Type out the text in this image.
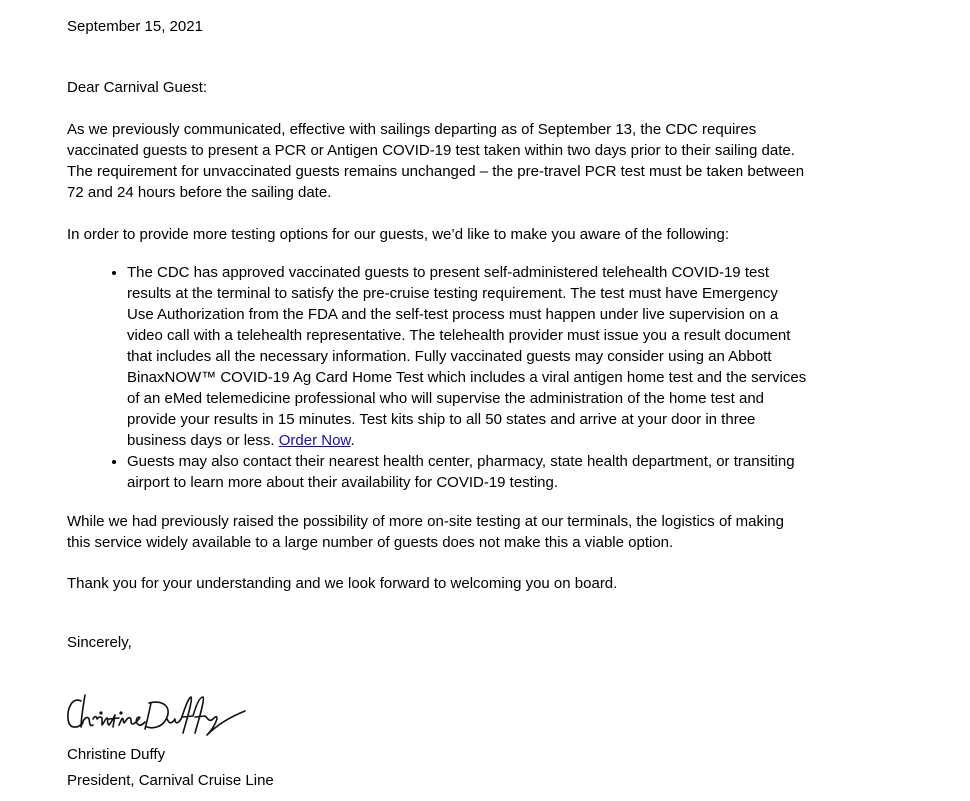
September 15, 2021

Dear Carnival Guest:

As we previously communicated, effective with sailings departing as of September 13, the CDC requires vaccinated guests to present a PCR or Antigen COVID-19 test taken within two days prior to their sailing date. The requirement for unvaccinated guests remains unchanged – the pre-travel PCR test must be taken between 72 and 24 hours before the sailing date.

In order to provide more testing options for our guests, we’d like to make you aware of the following:

• The CDC has approved vaccinated guests to present self-administered telehealth COVID-19 test results at the terminal to satisfy the pre-cruise testing requirement. The test must have Emergency Use Authorization from the FDA and the self-test process must happen under live supervision on a video call with a telehealth representative. The telehealth provider must issue you a result document that includes all the necessary information. Fully vaccinated guests may consider using an Abbott BinaxNOW™ COVID-19 Ag Card Home Test which includes a viral antigen home test and the services of an eMed telemedicine professional who will supervise the administration of the home test and provide your results in 15 minutes. Test kits ship to all 50 states and arrive at your door in three business days or less. Order Now.
• Guests may also contact their nearest health center, pharmacy, state health department, or transiting airport to learn more about their availability for COVID-19 testing.

While we had previously raised the possibility of more on-site testing at our terminals, the logistics of making this service widely available to a large number of guests does not make this a viable option.

Thank you for your understanding and we look forward to welcoming you on board.

Sincerely,

Christine Duffy

President, Carnival Cruise Line
